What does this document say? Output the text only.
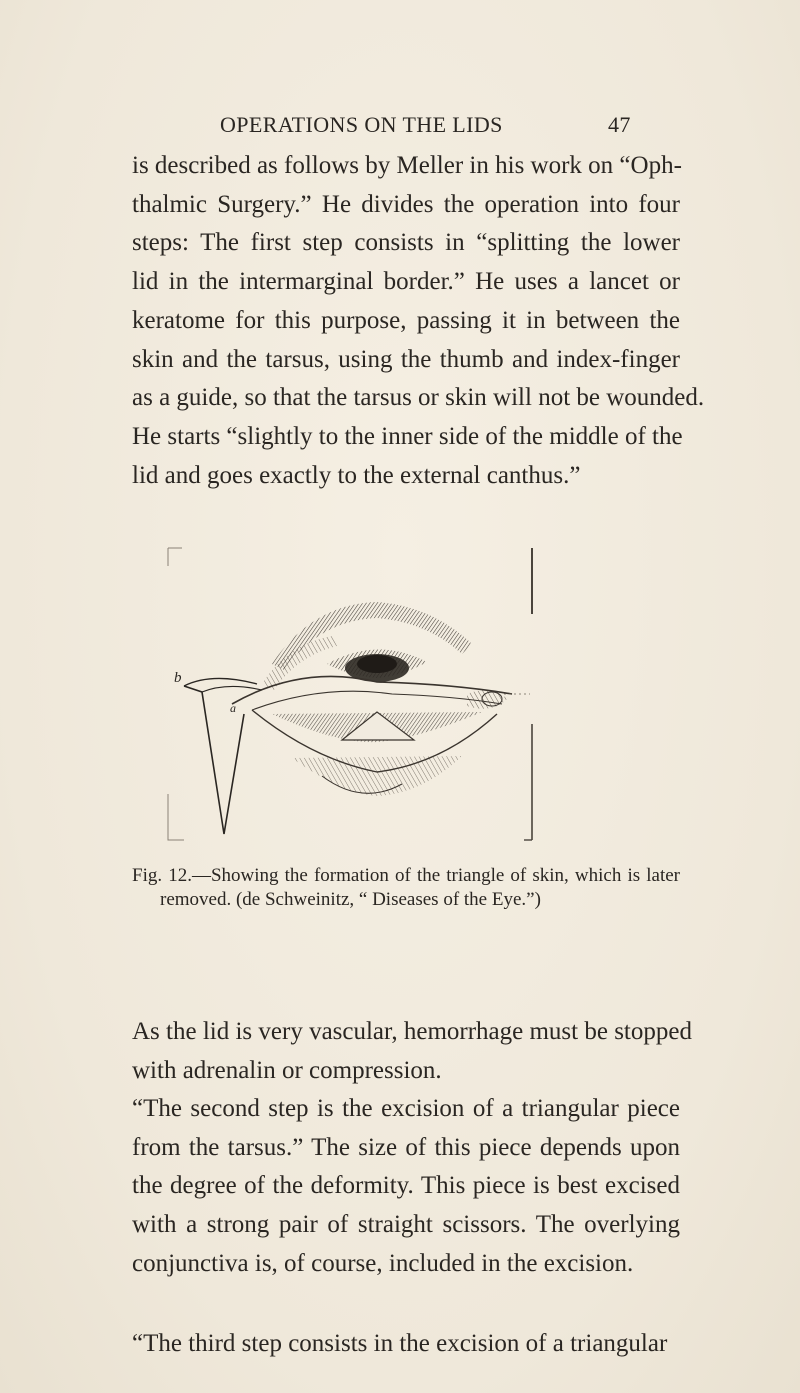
OPERATIONS ON THE LIDS	47
is described as follows by Meller in his work on “Oph-
thalmic Surgery.” He divides the operation into four
steps: The first step consists in “splitting the lower
lid in the intermarginal border.” He uses a lancet or
keratome for this purpose, passing it in between the
skin and the tarsus, using the thumb and index-finger
as a guide, so that the tarsus or skin will not be wounded.
He starts “slightly to the inner side of the middle of the
lid and goes exactly to the external canthus.”
b
a
Fig. 12.—Showing the formation of the triangle of skin, which is later
removed. (de Schweinitz, “ Diseases of the Eye.”)
As the lid is very vascular, hemorrhage must be stopped
with adrenalin or compression.
“The second step is the excision of a triangular piece
from the tarsus.” The size of this piece depends upon
the degree of the deformity. This piece is best excised
with a strong pair of straight scissors. The overlying
conjunctiva is, of course, included in the excision.
“The third step consists in the excision of a triangular
